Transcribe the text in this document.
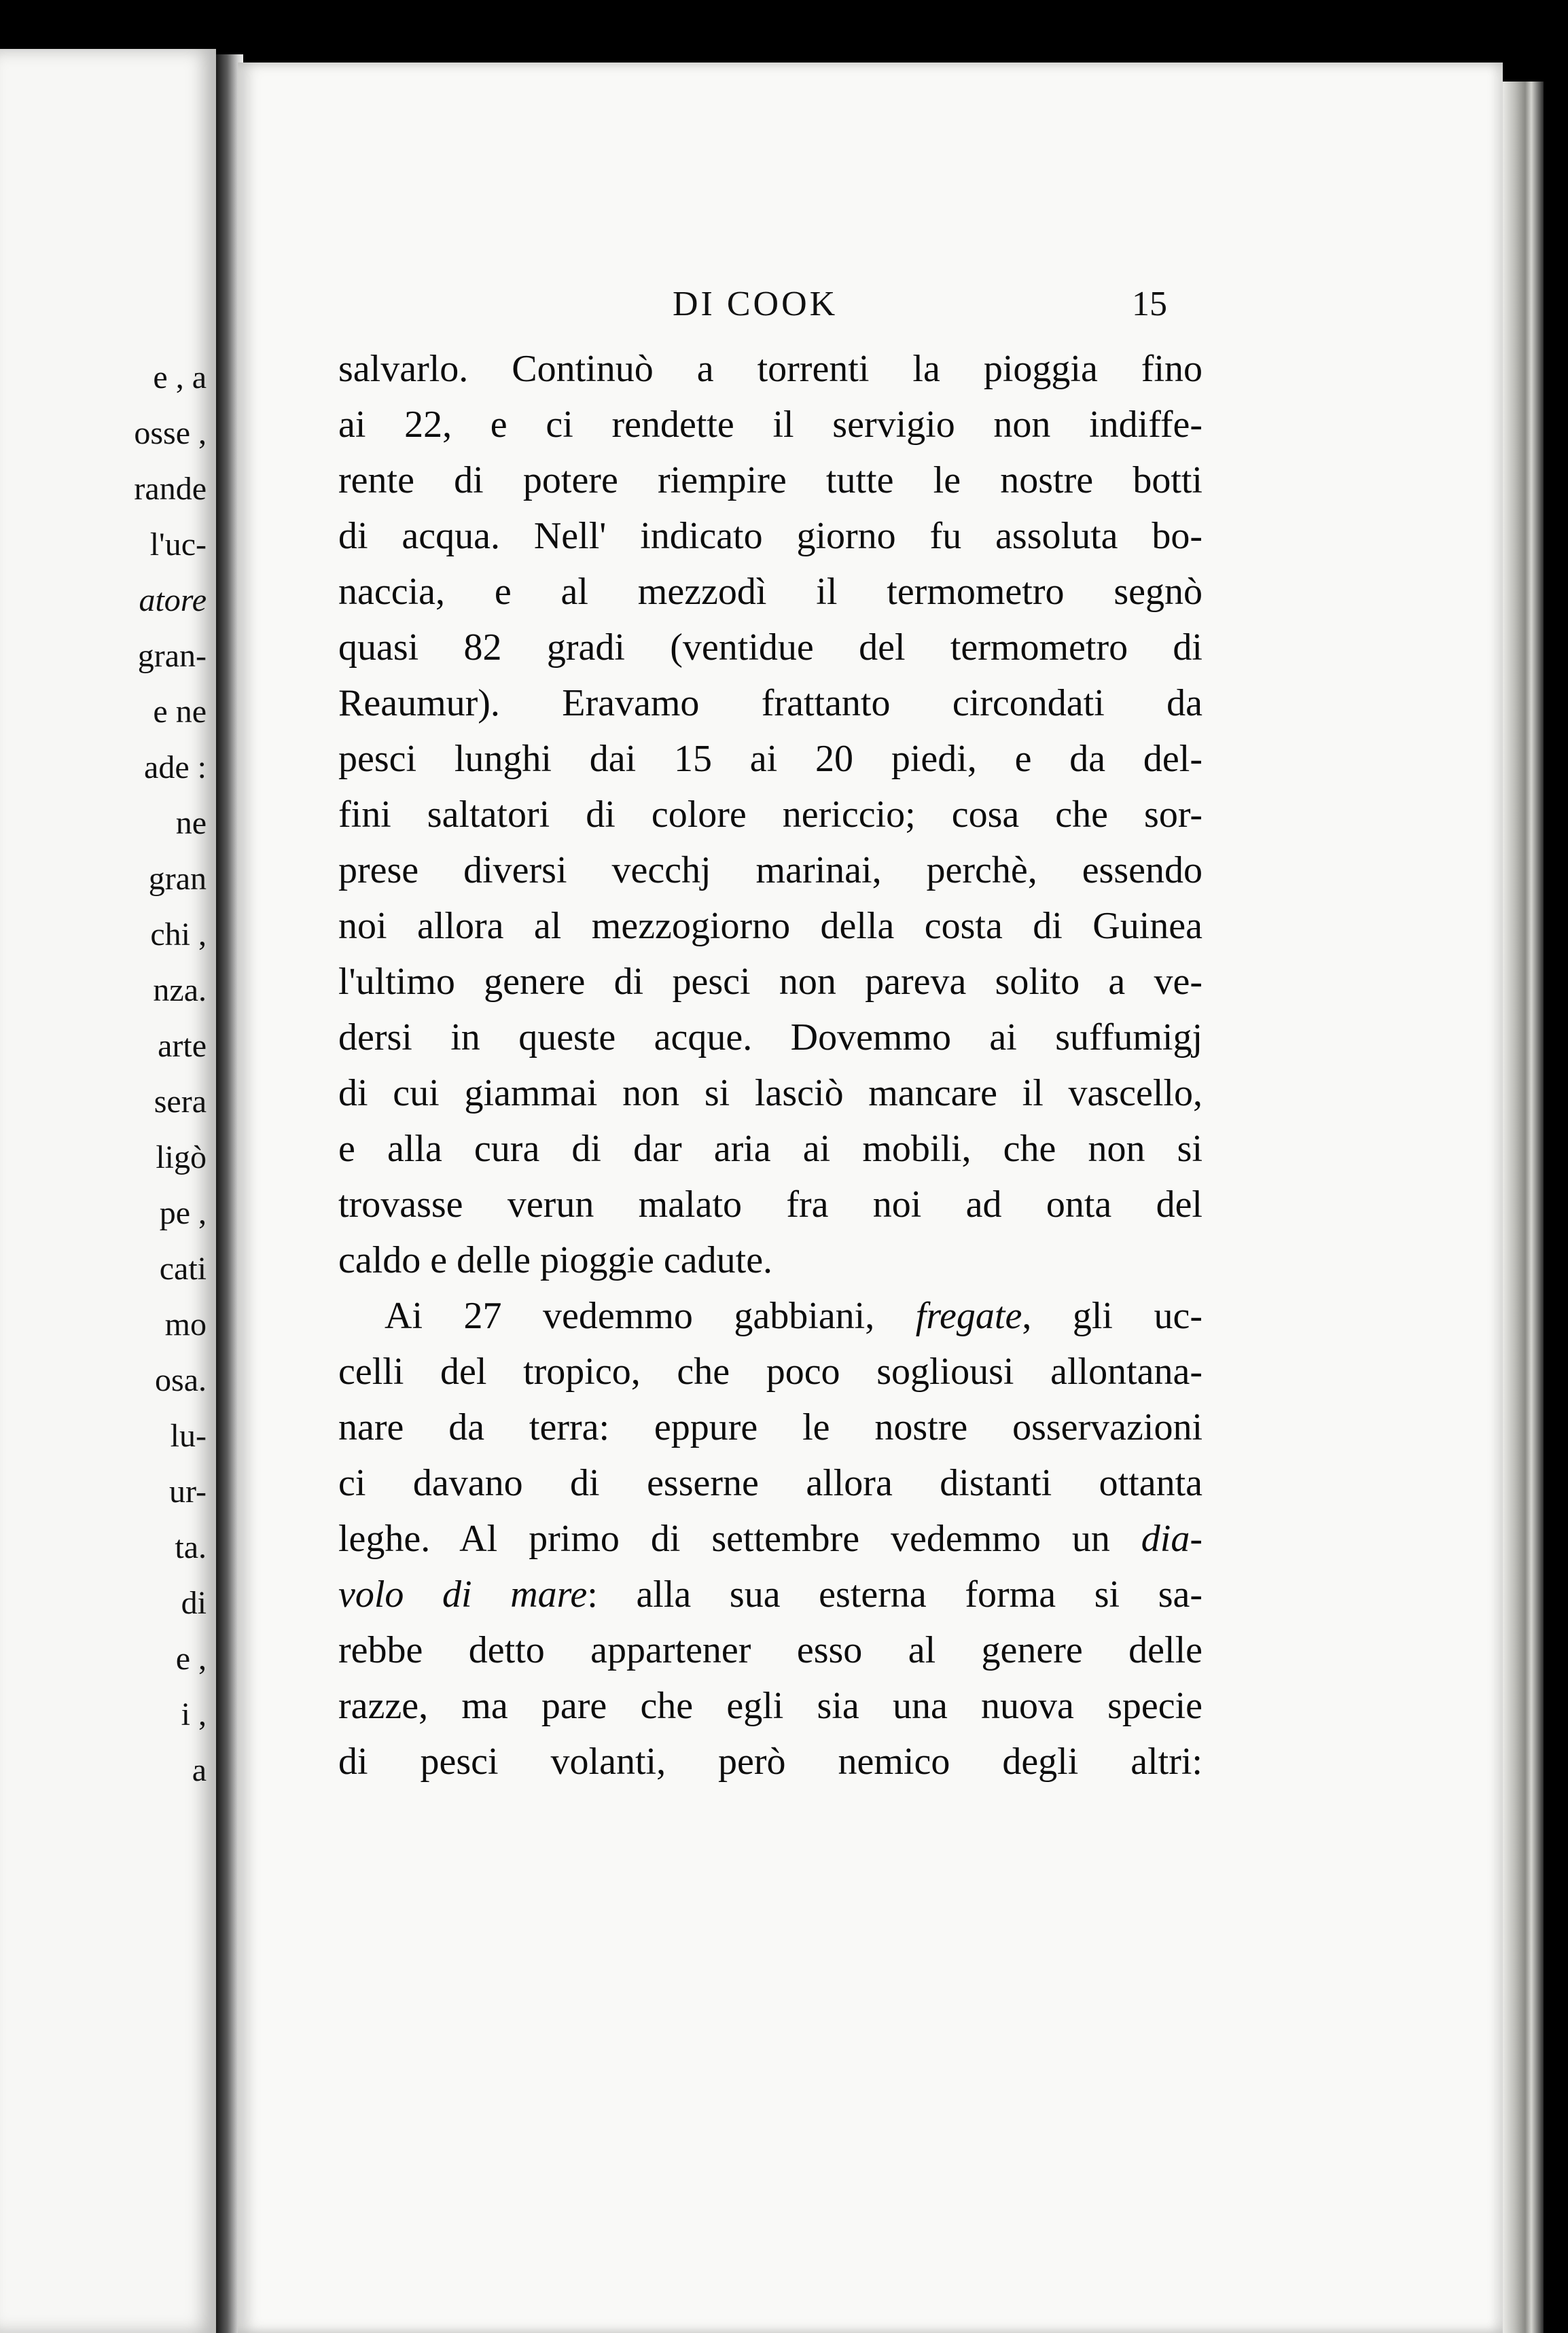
e , a
osse ,
rande
l'uc-
atore
gran-
e ne
ade :
ne
gran
chi ,
nza.
arte
sera
ligò
pe ,
cati
mo
osa.
lu-
ur-
ta.
di
e ,
i ,
a
DI COOK	15
salvarlo. Continuò a torrenti la pioggia fino
ai 22, e ci rendette il servigio non indiffe-
rente di potere riempire tutte le nostre botti
di acqua. Nell' indicato giorno fu assoluta bo-
naccia, e al mezzodì il termometro segnò
quasi 82 gradi (ventidue del termometro di
Reaumur). Eravamo frattanto circondati da
pesci lunghi dai 15 ai 20 piedi, e da del-
fini saltatori di colore nericcio; cosa che sor-
prese diversi vecchj marinai, perchè, essendo
noi allora al mezzogiorno della costa di Guinea
l'ultimo genere di pesci non pareva solito a ve-
dersi in queste acque. Dovemmo ai suffumigj
di cui giammai non si lasciò mancare il vascello,
e alla cura di dar aria ai mobili, che non si
trovasse verun malato fra noi ad onta del
caldo e delle pioggie cadute.
Ai 27 vedemmo gabbiani, fregate, gli uc-
celli del tropico, che poco sogliousi allontana-
nare da terra: eppure le nostre osservazioni
ci davano di esserne allora distanti ottanta
leghe. Al primo di settembre vedemmo un dia-
volo di mare: alla sua esterna forma si sa-
rebbe detto appartener esso al genere delle
razze, ma pare che egli sia una nuova specie
di pesci volanti, però nemico degli altri:
